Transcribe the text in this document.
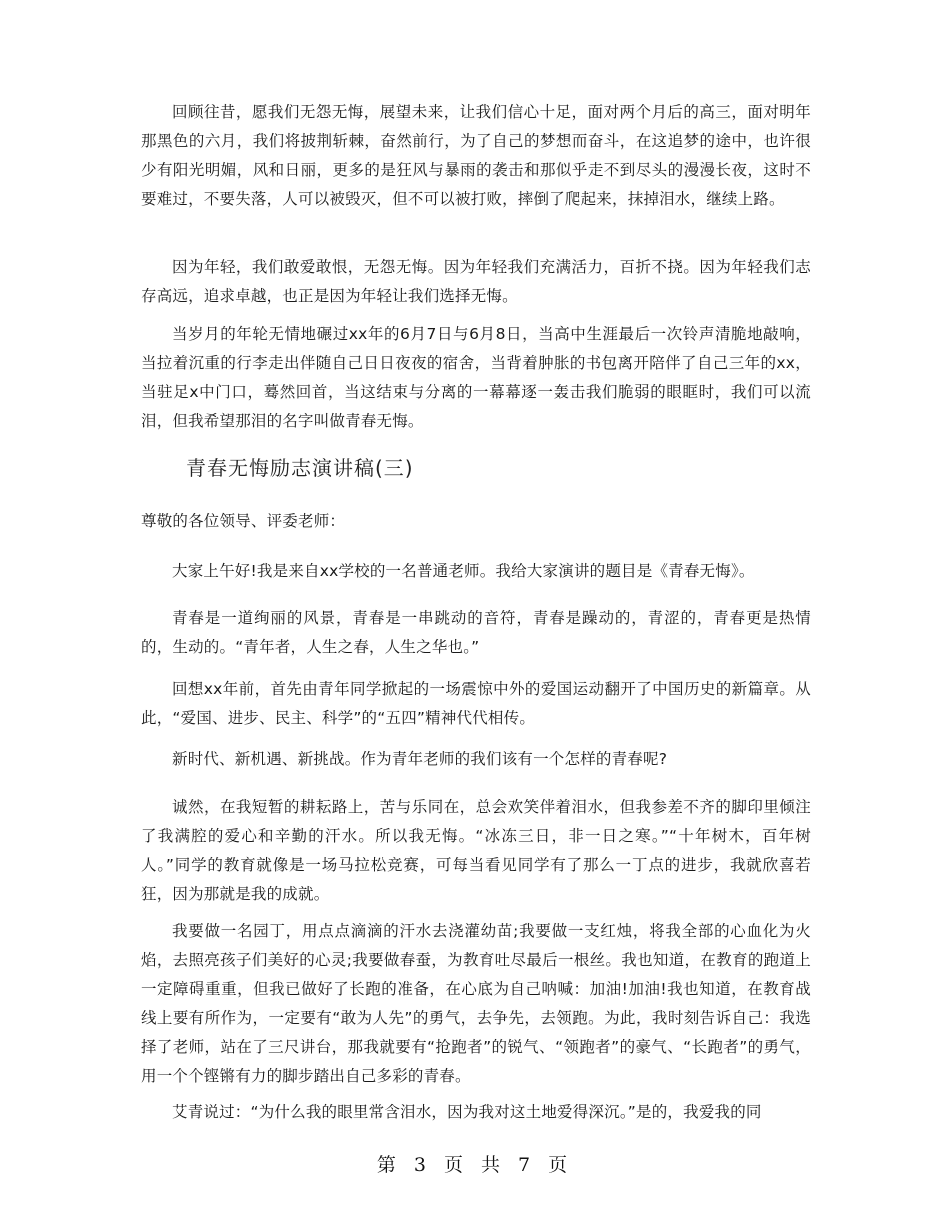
回顾往昔，愿我们无怨无悔，展望未来，让我们信心十足，面对两个月后的高三，面对明年那黑色的六月，我们将披荆斩棘，奋然前行，为了自己的梦想而奋斗，在这追梦的途中，也许很少有阳光明媚，风和日丽，更多的是狂风与暴雨的袭击和那似乎走不到尽头的漫漫长夜，这时不要难过，不要失落，人可以被毁灭，但不可以被打败，摔倒了爬起来，抹掉泪水，继续上路。

因为年轻，我们敢爱敢恨，无怨无悔。因为年轻我们充满活力，百折不挠。因为年轻我们志存高远，追求卓越，也正是因为年轻让我们选择无悔。

当岁月的年轮无情地碾过xx年的6月7日与6月8日，当高中生涯最后一次铃声清脆地敲响，当拉着沉重的行李走出伴随自己日日夜夜的宿舍，当背着肿胀的书包离开陪伴了自己三年的xx，当驻足x中门口，蓦然回首，当这结束与分离的一幕幕逐一轰击我们脆弱的眼眶时，我们可以流泪，但我希望那泪的名字叫做青春无悔。

青春无悔励志演讲稿(三)

尊敬的各位领导、评委老师：

大家上午好!我是来自xx学校的一名普通老师。我给大家演讲的题目是《青春无悔》。

青春是一道绚丽的风景，青春是一串跳动的音符，青春是躁动的，青涩的，青春更是热情的，生动的。“青年者，人生之春，人生之华也。”

回想xx年前，首先由青年同学掀起的一场震惊中外的爱国运动翻开了中国历史的新篇章。从此，“爱国、进步、民主、科学”的“五四”精神代代相传。

新时代、新机遇、新挑战。作为青年老师的我们该有一个怎样的青春呢?

诚然，在我短暂的耕耘路上，苦与乐同在，总会欢笑伴着泪水，但我参差不齐的脚印里倾注了我满腔的爱心和辛勤的汗水。所以我无悔。“冰冻三日，非一日之寒。”“十年树木，百年树人。”同学的教育就像是一场马拉松竞赛，可每当看见同学有了那么一丁点的进步，我就欣喜若狂，因为那就是我的成就。

我要做一名园丁，用点点滴滴的汗水去浇灌幼苗;我要做一支红烛，将我全部的心血化为火焰，去照亮孩子们美好的心灵;我要做春蚕，为教育吐尽最后一根丝。我也知道，在教育的跑道上一定障碍重重，但我已做好了长跑的准备，在心底为自己呐喊：加油!加油!我也知道，在教育战线上要有所作为，一定要有“敢为人先”的勇气，去争先，去领跑。为此，我时刻告诉自己：我选择了老师，站在了三尺讲台，那我就要有“抢跑者”的锐气、“领跑者”的豪气、“长跑者”的勇气，用一个个铿锵有力的脚步踏出自己多彩的青春。

艾青说过：“为什么我的眼里常含泪水，因为我对这土地爱得深沉。”是的，我爱我的同

第 3 页 共 7 页
